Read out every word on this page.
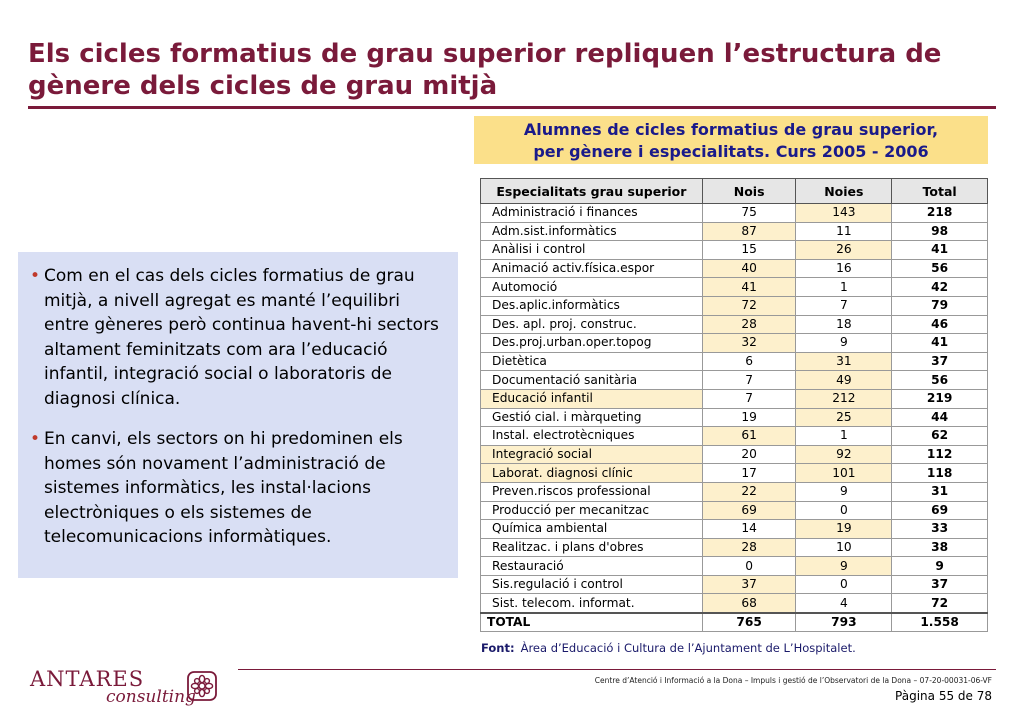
Els cicles formatius de grau superior repliquen l’estructura de gènere dels cicles de grau mitjà
Alumnes de cicles formatius de grau superior,
per gènere i especialitats. Curs 2005 - 2006
• Com en el cas dels cicles formatius de grau mitjà, a nivell agregat es manté l’equilibri entre gèneres però continua havent-hi sectors altament feminitzats com ara l’educació infantil, integració social o laboratoris de diagnosi clínica.
• En canvi, els sectors on hi predominen els homes són novament l’administració de sistemes informàtics, les instal·lacions electròniques o els sistemes de telecomunicacions informàtiques.
Especialitats grau superior	Nois	Noies	Total
Administració i finances	75	143	218
Adm.sist.informàtics	87	11	98
Anàlisi i control	15	26	41
Animació activ.física.espor	40	16	56
Automoció	41	1	42
Des.aplic.informàtics	72	7	79
Des. apl. proj. construc.	28	18	46
Des.proj.urban.oper.topog	32	9	41
Dietètica	6	31	37
Documentació sanitària	7	49	56
Educació infantil	7	212	219
Gestió cial. i màrqueting	19	25	44
Instal. electrotècniques	61	1	62
Integració social	20	92	112
Laborat. diagnosi clínic	17	101	118
Preven.riscos professional	22	9	31
Producció per mecanitzac	69	0	69
Química ambiental	14	19	33
Realitzac. i plans d'obres	28	10	38
Restauració	0	9	9
Sis.regulació i control	37	0	37
Sist. telecom. informat.	68	4	72
TOTAL	765	793	1.558
Font: Àrea d’Educació i Cultura de l’Ajuntament de L’Hospitalet.
ANTARES
consulting
Centre d’Atenció i Informació a la Dona – Impuls i gestió de l’Observatori de la Dona – 07-20-00031-06-VF
Pàgina 55 de 78
